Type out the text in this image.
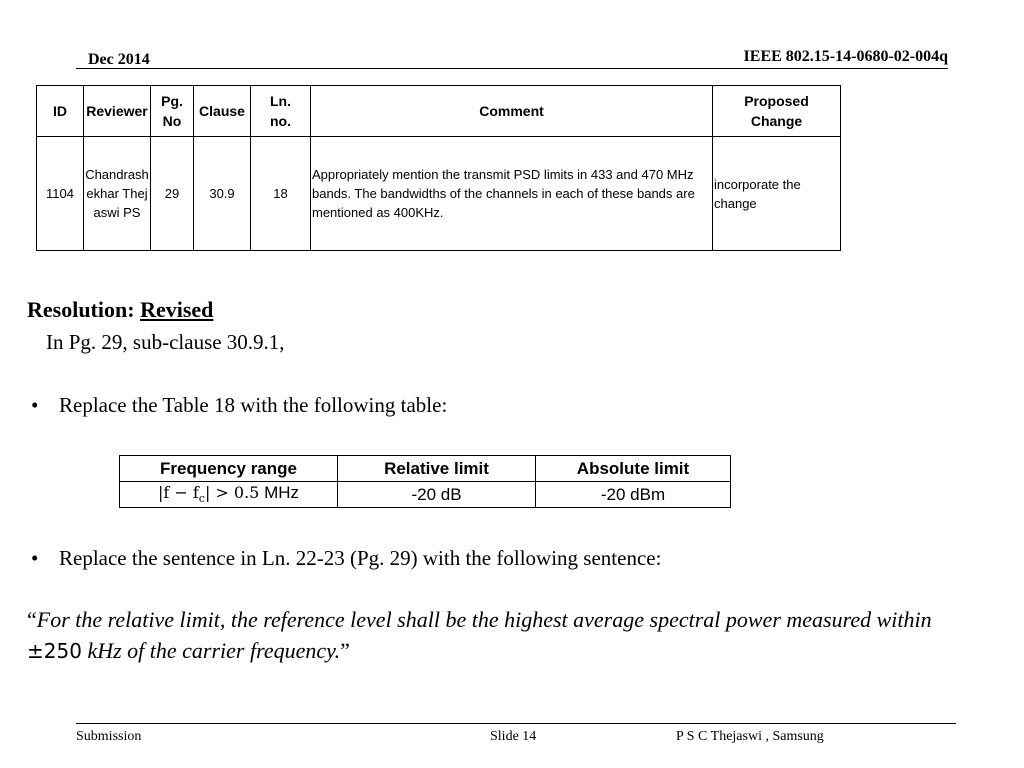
Dec 2014	IEEE 802.15-14-0680-02-004q
ID	Reviewer	Pg. No	Clause	Ln. no.	Comment	Proposed Change

1104	Chandrashekhar Thejaswi PS	29	30.9	18	Appropriately mention the transmit PSD limits in 433 and 470 MHz bands. The bandwidths of the channels in each of these bands are mentioned as 400KHz.	incorporate the change
Resolution: Revised
In Pg. 29, sub-clause 30.9.1,
• Replace the Table 18 with the following table:
Frequency range	Relative limit	Absolute limit
$|f - f_c| > 0.5$ MHz	-20 dB	-20 dBm
• Replace the sentence in Ln. 22-23 (Pg. 29) with the following sentence:
“For the relative limit, the reference level shall be the highest average spectral power measured within ±250 kHz of the carrier frequency.”
Submission	Slide 14	P S C Thejaswi , Samsung
